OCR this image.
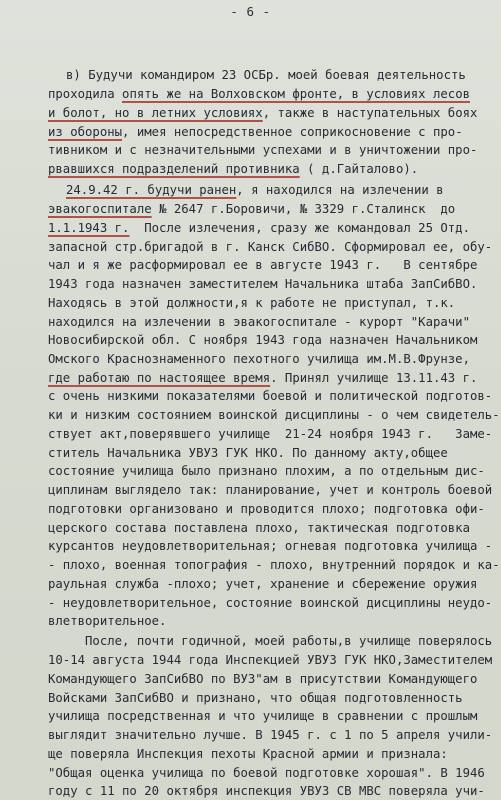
- 6 -

в) Будучи командиром 23 ОСБр. моей боевая деятельность

проходила опять же на Волховском фронте, в условиях лесов

и болот, но в летних условиях, также в наступательных боях

из обороны, имея непосредственное соприкосновение с про-

тивником и с незначительными успехами и в уничтожении про-

рвавшихся подразделений противника ( д.Гайталово).

24.9.42 г. будучи ранен, я находился на излечении в

эвакогоспитале № 2647 г.Боровичи, № 3329 г.Сталинск  до

1.1.1943 г.  После излечения, сразу же командовал 25 Отд.

запасной стр.бригадой в г. Канск СибВО. Сформировал ее, обу-

чал и я же расформировал ее в августе 1943 г.   В сентябре

1943 года назначен заместителем Начальника штаба ЗапСибВО.

Находясь в этой должности,я к работе не приступал, т.к.

находился на излечении в эвакогоспитале - курорт "Карачи"

Новосибирской обл. С ноября 1943 года назначен Начальником

Омского Краснознаменного пехотного училища им.М.В.Фрунзе,

где работаю по настоящее время. Принял училище 13.11.43 г.

с очень низкими показателями боевой и политической подготов-

ки и низким состоянием воинской дисциплины - о чем свидетель-

ствует акт,поверявшего училище  21-24 ноября 1943 г.   Заме-

ститель Начальника УВУЗ ГУК НКО. По данному акту,общее

состояние училища было признано плохим, а по отдельным дис-

циплинам выглядело так: планирование, учет и контроль боевой

подготовки организовано и проводится плохо; подготовка офи-

церского состава поставлена плохо, тактическая подготовка

курсантов неудовлетворительная; огневая подготовка училища -

- плохо, военная топография - плохо, внутренний порядок и ка-

раульная служба -плохо; учет, хранение и сбережение оружия

- неудовлетворительное, состояние воинской дисциплины неудо-

влетворительное.

После, почти годичной, моей работы,в училище поверялось

10-14 августа 1944 года Инспекцией УВУЗ ГУК НКО,Заместителем

Командующего ЗапСибВО по ВУЗ"ам в присутствии Командующего

Войсками ЗапСибВО и признано, что общая подготовленность

училища посредственная и что училище в сравнении с прошлым

выглядит значительно лучше. В 1945 г. с 1 по 5 апреля учили-

ще поверяла Инспекция пехоты Красной армии и признала:

"Общая оценка училища по боевой подготовке хорошая". В 1946

году с 11 по 20 октября инспекция УВУЗ СВ МВС поверяла учи-
